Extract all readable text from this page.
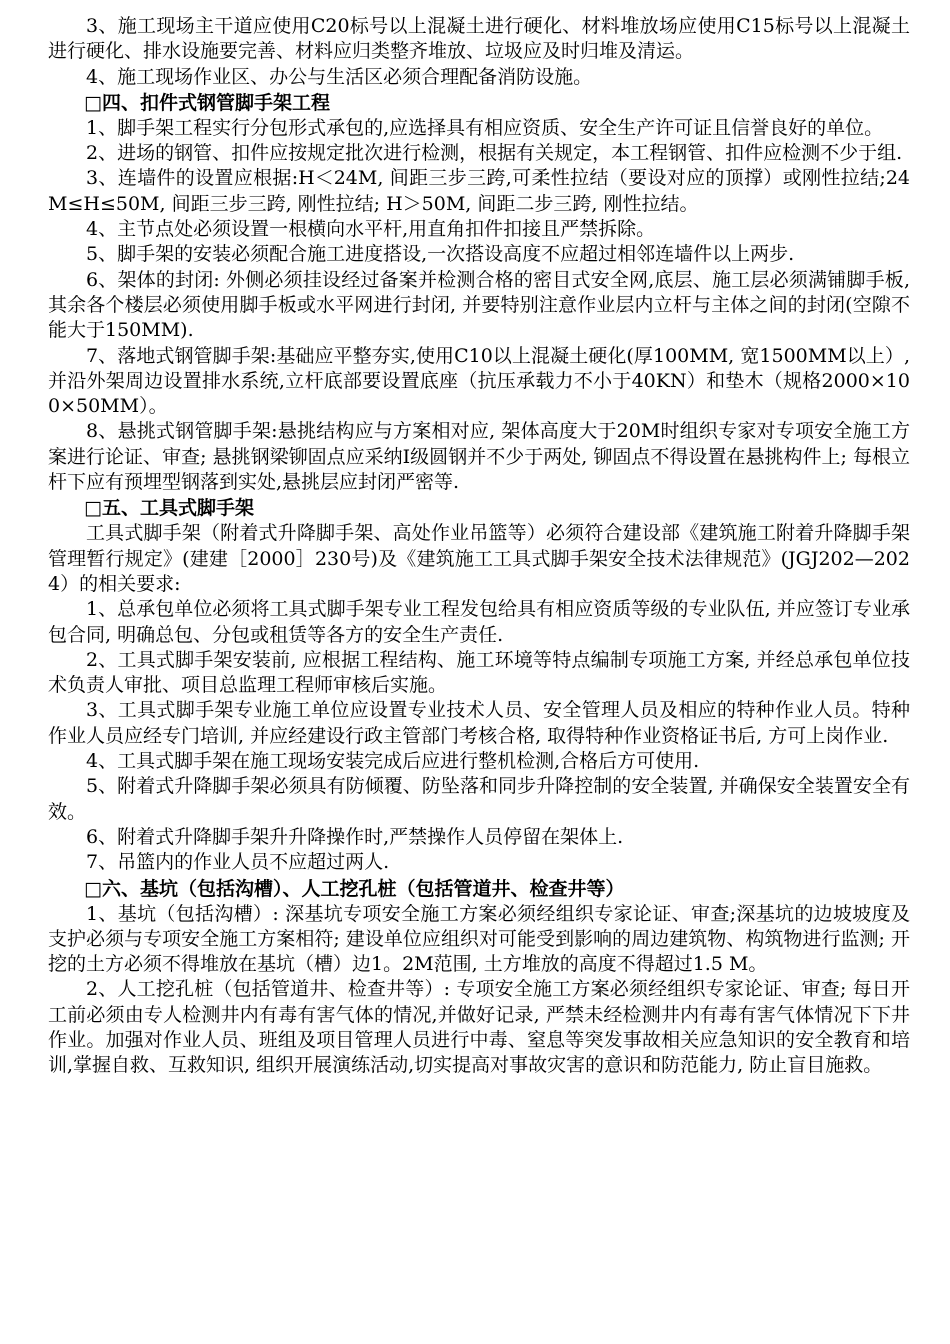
3、施工现场主干道应使用C20标号以上混凝土进行硬化、材料堆放场应使用C15标号以上混凝土进行硬化、排水设施要完善、材料应归类整齐堆放、垃圾应及时归堆及清运。

4、施工现场作业区、办公与生活区必须合理配备消防设施。

□四、扣件式钢管脚手架工程

1、脚手架工程实行分包形式承包的,应选择具有相应资质、安全生产许可证且信誉良好的单位。

2、进场的钢管、扣件应按规定批次进行检测，根据有关规定，本工程钢管、扣件应检测不少于组.

3、连墙件的设置应根据:H＜24M, 间距三步三跨,可柔性拉结（要设对应的顶撑）或刚性拉结;24M≤H≤50M, 间距三步三跨, 刚性拉结; H＞50M, 间距二步三跨, 刚性拉结。

4、主节点处必须设置一根横向水平杆,用直角扣件扣接且严禁拆除。

5、脚手架的安装必须配合施工进度搭设,一次搭设高度不应超过相邻连墙件以上两步.

6、架体的封闭: 外侧必须挂设经过备案并检测合格的密目式安全网,底层、施工层必须满铺脚手板,其余各个楼层必须使用脚手板或水平网进行封闭, 并要特别注意作业层内立杆与主体之间的封闭(空隙不能大于150MM).

7、落地式钢管脚手架:基础应平整夯实,使用C10以上混凝土硬化(厚100MM, 宽1500MM以上）, 并沿外架周边设置排水系统,立杆底部要设置底座（抗压承载力不小于40KN）和垫木（规格2000×100×50MM）。

8、悬挑式钢管脚手架:悬挑结构应与方案相对应, 架体高度大于20M时组织专家对专项安全施工方案进行论证、审查; 悬挑钢梁铆固点应采纳I级圆钢并不少于两处, 铆固点不得设置在悬挑构件上; 每根立杆下应有预埋型钢落到实处,悬挑层应封闭严密等.

□五、工具式脚手架

工具式脚手架（附着式升降脚手架、高处作业吊篮等）必须符合建设部《建筑施工附着升降脚手架管理暂行规定》(建建［2000］230号)及《建筑施工工具式脚手架安全技术法律规范》(JGJ202—2024）的相关要求:

1、总承包单位必须将工具式脚手架专业工程发包给具有相应资质等级的专业队伍, 并应签订专业承包合同, 明确总包、分包或租赁等各方的安全生产责任.

2、工具式脚手架安装前, 应根据工程结构、施工环境等特点编制专项施工方案, 并经总承包单位技术负责人审批、项目总监理工程师审核后实施。

3、工具式脚手架专业施工单位应设置专业技术人员、安全管理人员及相应的特种作业人员。特种作业人员应经专门培训, 并应经建设行政主管部门考核合格, 取得特种作业资格证书后, 方可上岗作业.

4、工具式脚手架在施工现场安装完成后应进行整机检测,合格后方可使用.

5、附着式升降脚手架必须具有防倾覆、防坠落和同步升降控制的安全装置, 并确保安全装置安全有效。

6、附着式升降脚手架升升降操作时,严禁操作人员停留在架体上.

7、吊篮内的作业人员不应超过两人.

□六、基坑（包括沟槽）、人工挖孔桩（包括管道井、检查井等）

1、基坑（包括沟槽）: 深基坑专项安全施工方案必须经组织专家论证、审查;深基坑的边坡坡度及支护必须与专项安全施工方案相符; 建设单位应组织对可能受到影响的周边建筑物、构筑物进行监测; 开挖的土方必须不得堆放在基坑（槽）边1。2M范围, 土方堆放的高度不得超过1.5 M。

2、人工挖孔桩（包括管道井、检查井等）: 专项安全施工方案必须经组织专家论证、审查; 每日开工前必须由专人检测井内有毒有害气体的情况,并做好记录, 严禁未经检测井内有毒有害气体情况下下井作业。加强对作业人员、班组及项目管理人员进行中毒、窒息等突发事故相关应急知识的安全教育和培训,掌握自救、互救知识, 组织开展演练活动,切实提高对事故灾害的意识和防范能力, 防止盲目施救。
